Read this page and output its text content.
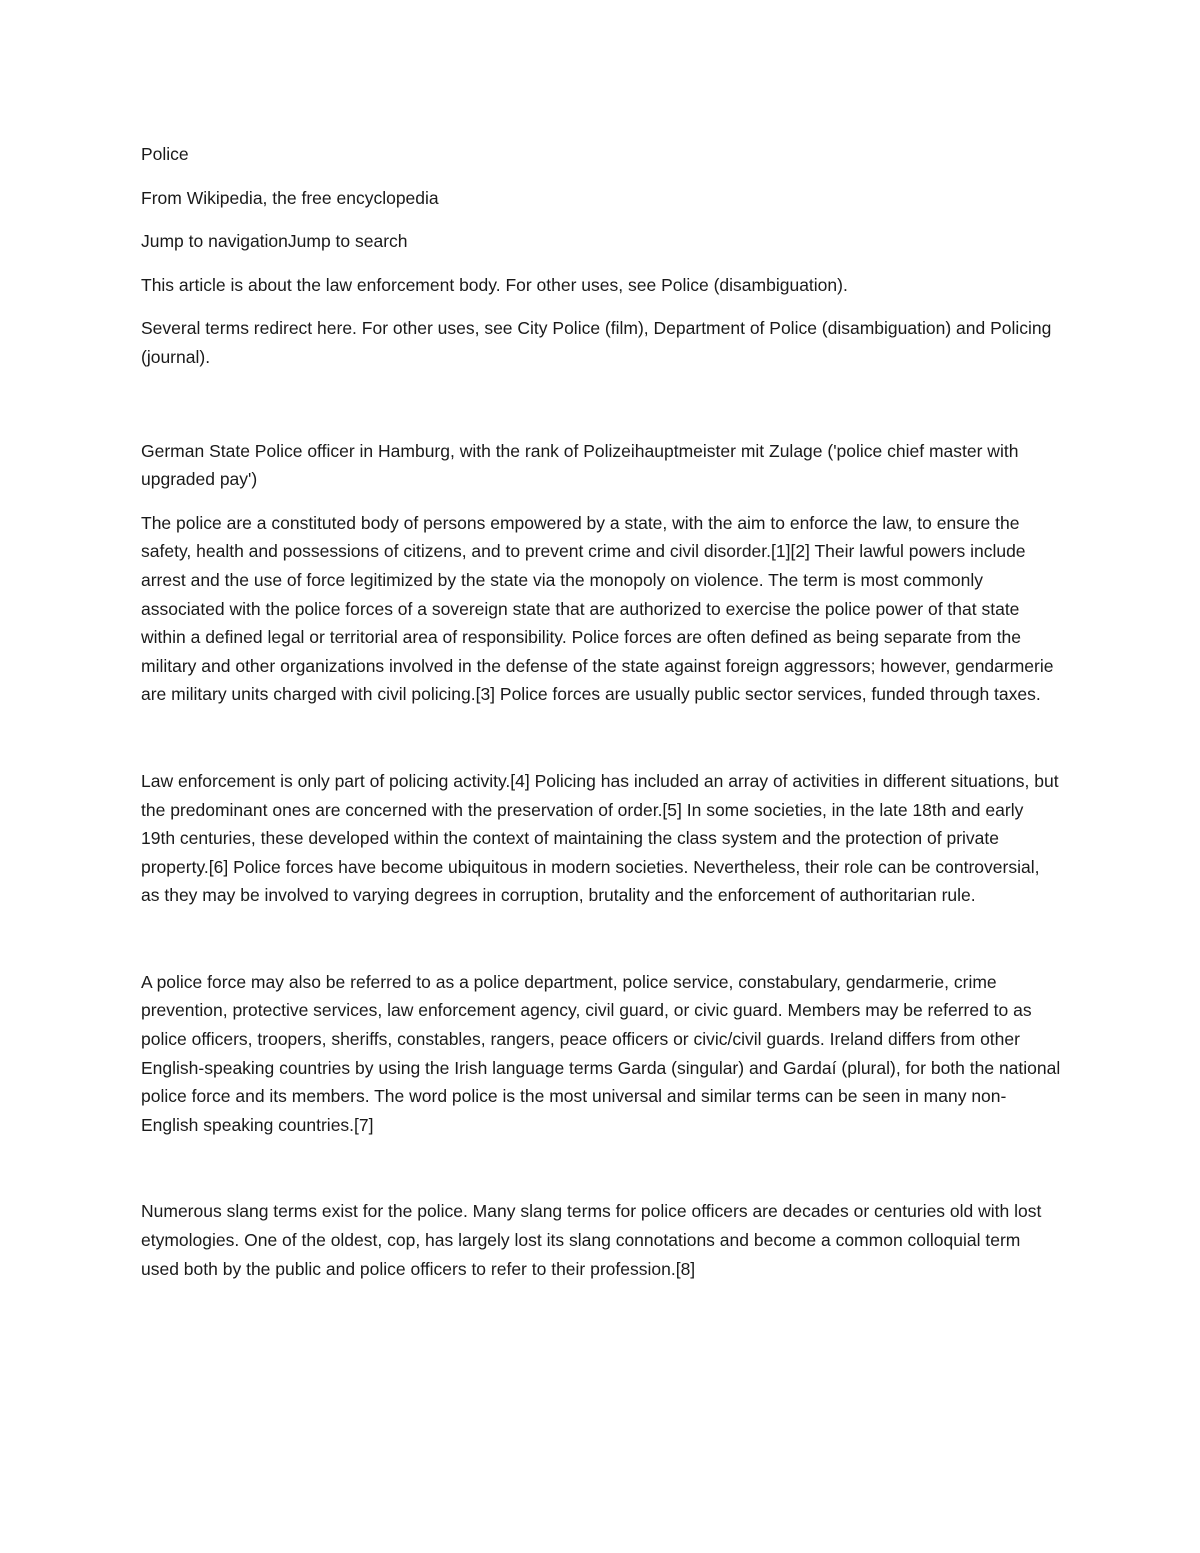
Police

From Wikipedia, the free encyclopedia

Jump to navigationJump to search

This article is about the law enforcement body. For other uses, see Police (disambiguation).

Several terms redirect here. For other uses, see City Police (film), Department of Police (disambiguation) and Policing (journal).

German State Police officer in Hamburg, with the rank of Polizeihauptmeister mit Zulage ('police chief master with upgraded pay')

The police are a constituted body of persons empowered by a state, with the aim to enforce the law, to ensure the safety, health and possessions of citizens, and to prevent crime and civil disorder.[1][2] Their lawful powers include arrest and the use of force legitimized by the state via the monopoly on violence. The term is most commonly associated with the police forces of a sovereign state that are authorized to exercise the police power of that state within a defined legal or territorial area of responsibility. Police forces are often defined as being separate from the military and other organizations involved in the defense of the state against foreign aggressors; however, gendarmerie are military units charged with civil policing.[3] Police forces are usually public sector services, funded through taxes.

Law enforcement is only part of policing activity.[4] Policing has included an array of activities in different situations, but the predominant ones are concerned with the preservation of order.[5] In some societies, in the late 18th and early 19th centuries, these developed within the context of maintaining the class system and the protection of private property.[6] Police forces have become ubiquitous in modern societies. Nevertheless, their role can be controversial, as they may be involved to varying degrees in corruption, brutality and the enforcement of authoritarian rule.

A police force may also be referred to as a police department, police service, constabulary, gendarmerie, crime prevention, protective services, law enforcement agency, civil guard, or civic guard. Members may be referred to as police officers, troopers, sheriffs, constables, rangers, peace officers or civic/civil guards. Ireland differs from other English-speaking countries by using the Irish language terms Garda (singular) and Gardaí (plural), for both the national police force and its members. The word police is the most universal and similar terms can be seen in many non-English speaking countries.[7]

Numerous slang terms exist for the police. Many slang terms for police officers are decades or centuries old with lost etymologies. One of the oldest, cop, has largely lost its slang connotations and become a common colloquial term used both by the public and police officers to refer to their profession.[8]
